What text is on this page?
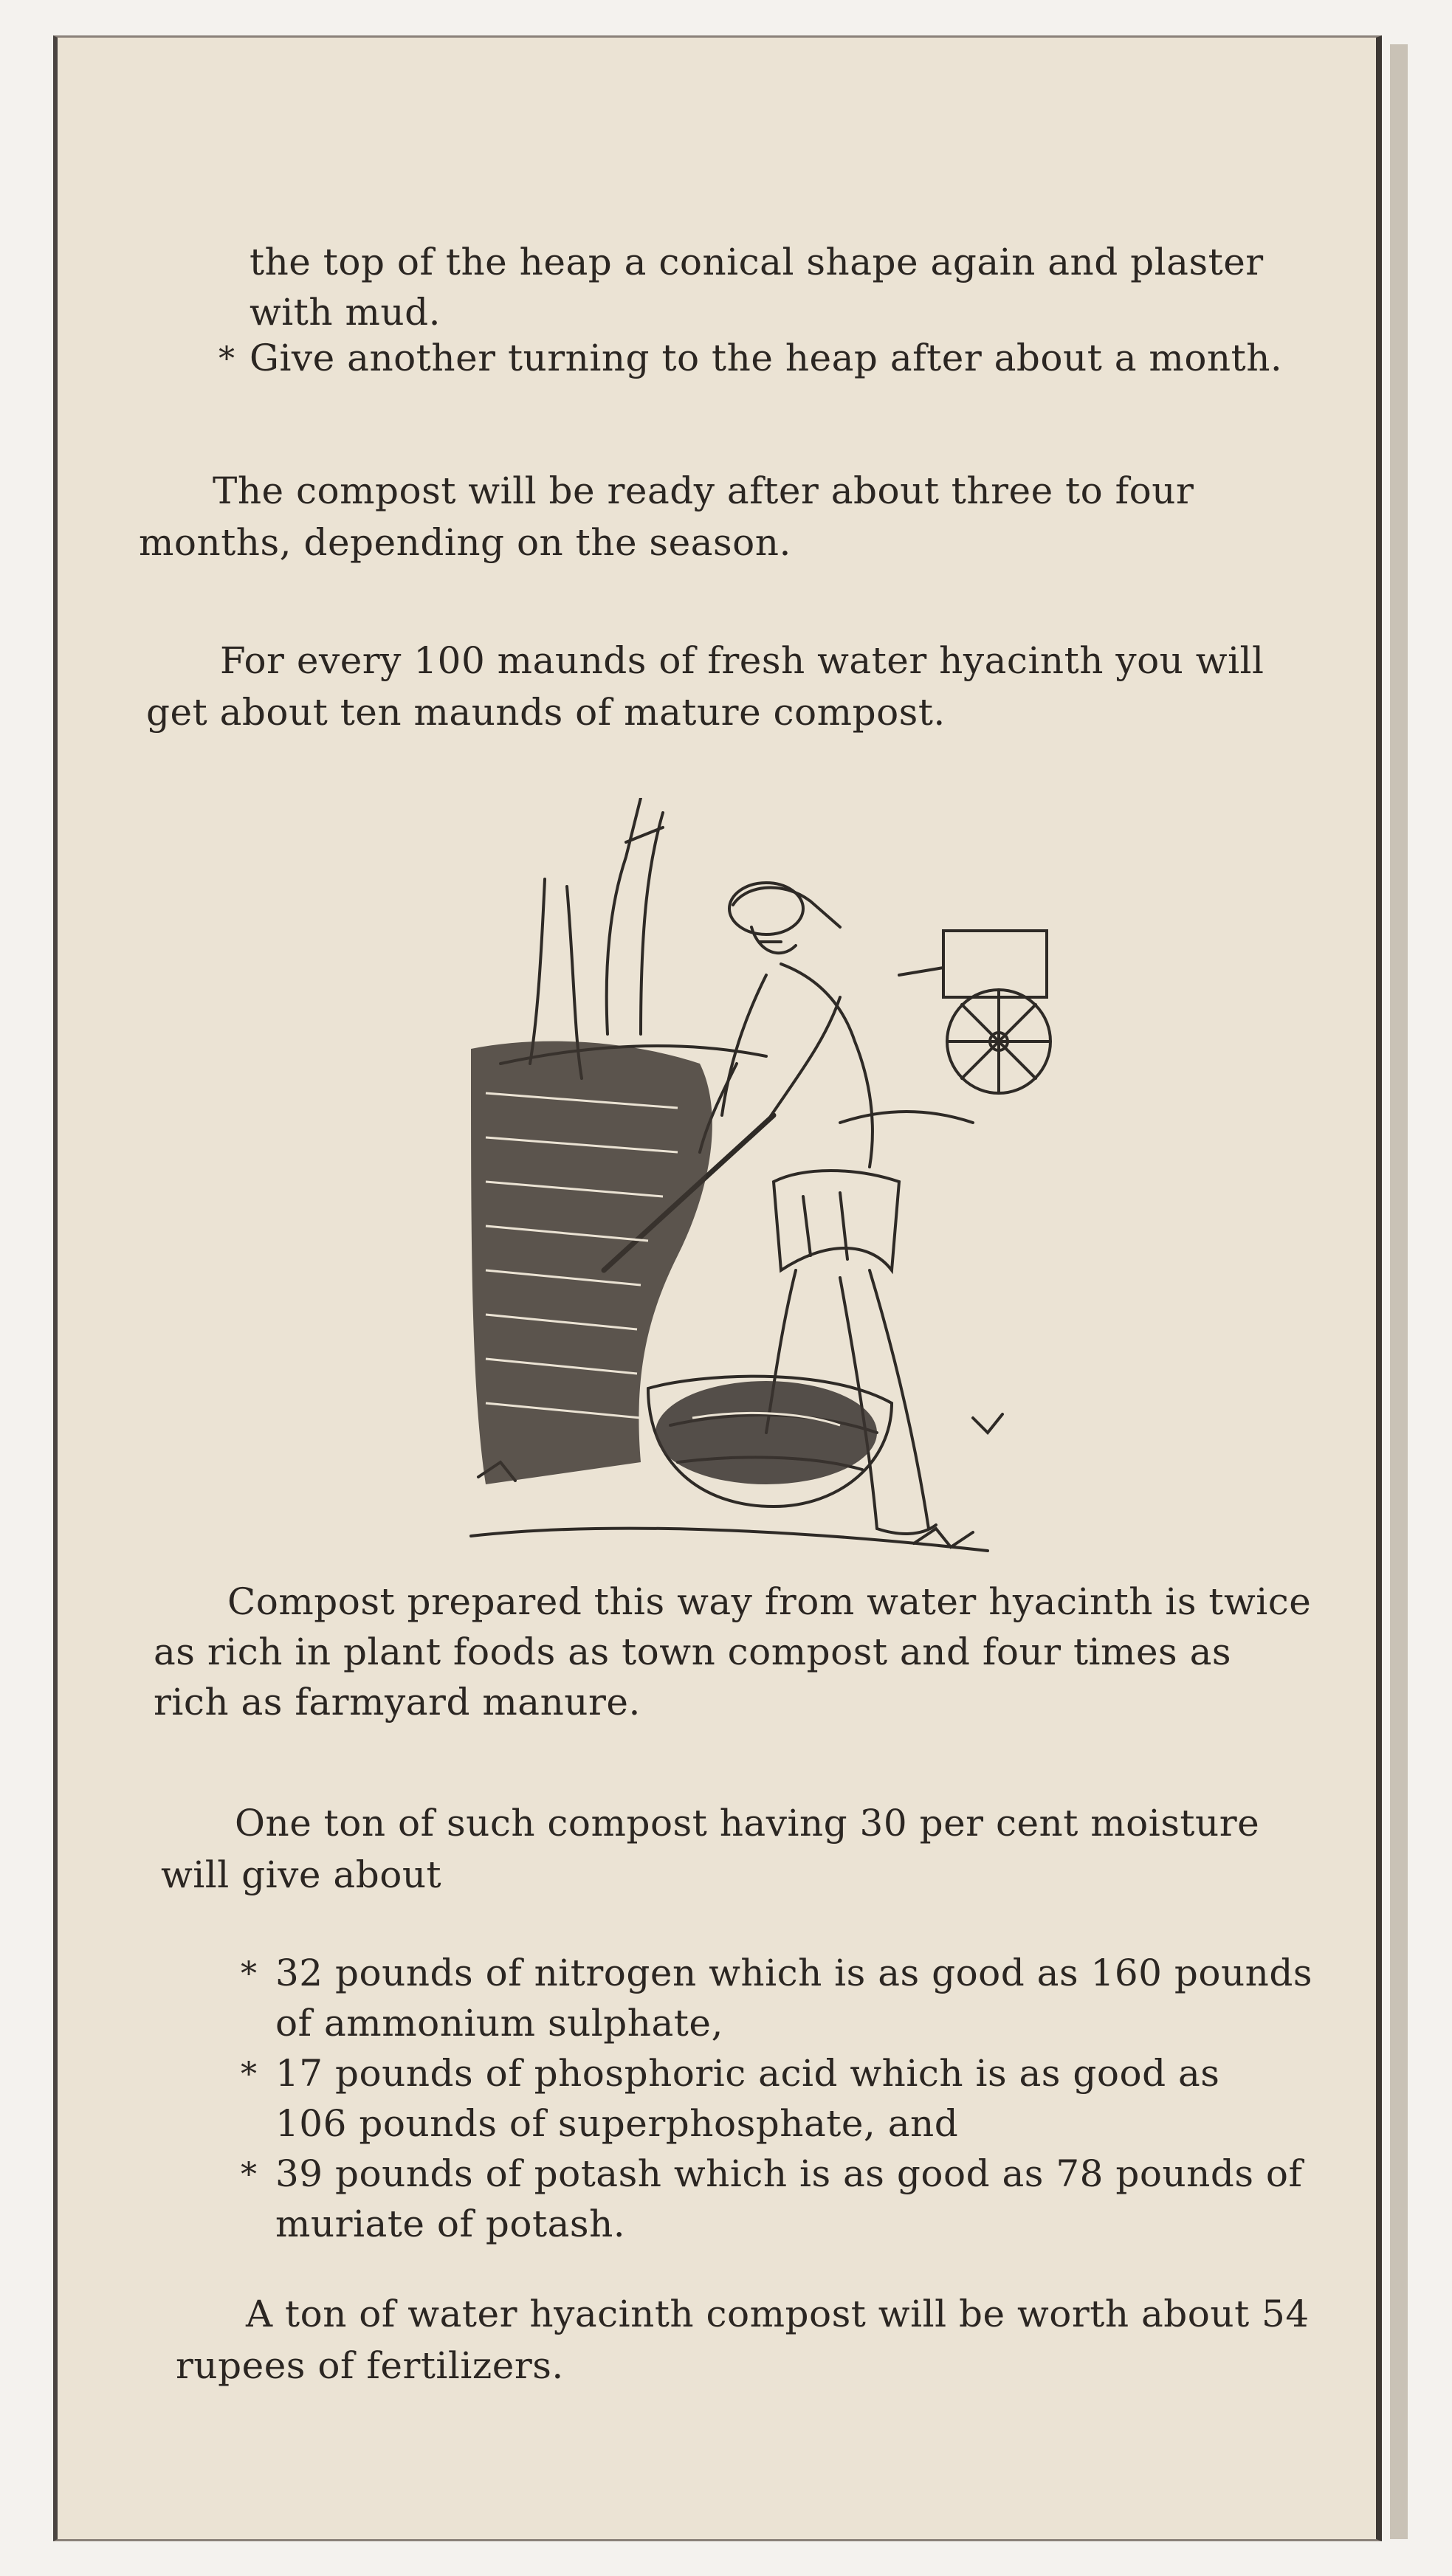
the top of the heap a conical shape again and plaster
with mud.
* Give another turning to the heap after about a month.
The compost will be ready after about three to four
months, depending on the season.
For every 100 maunds of fresh water hyacinth you will
get about ten maunds of mature compost.
Compost prepared this way from water hyacinth is twice
as rich in plant foods as town compost and four times as
rich as farmyard manure.
One ton of such compost having 30 per cent moisture
will give about
* 32 pounds of nitrogen which is as good as 160 pounds
of ammonium sulphate,
* 17 pounds of phosphoric acid which is as good as
106 pounds of superphosphate, and
* 39 pounds of potash which is as good as 78 pounds of
muriate of potash.
A ton of water hyacinth compost will be worth about 54
rupees of fertilizers.
